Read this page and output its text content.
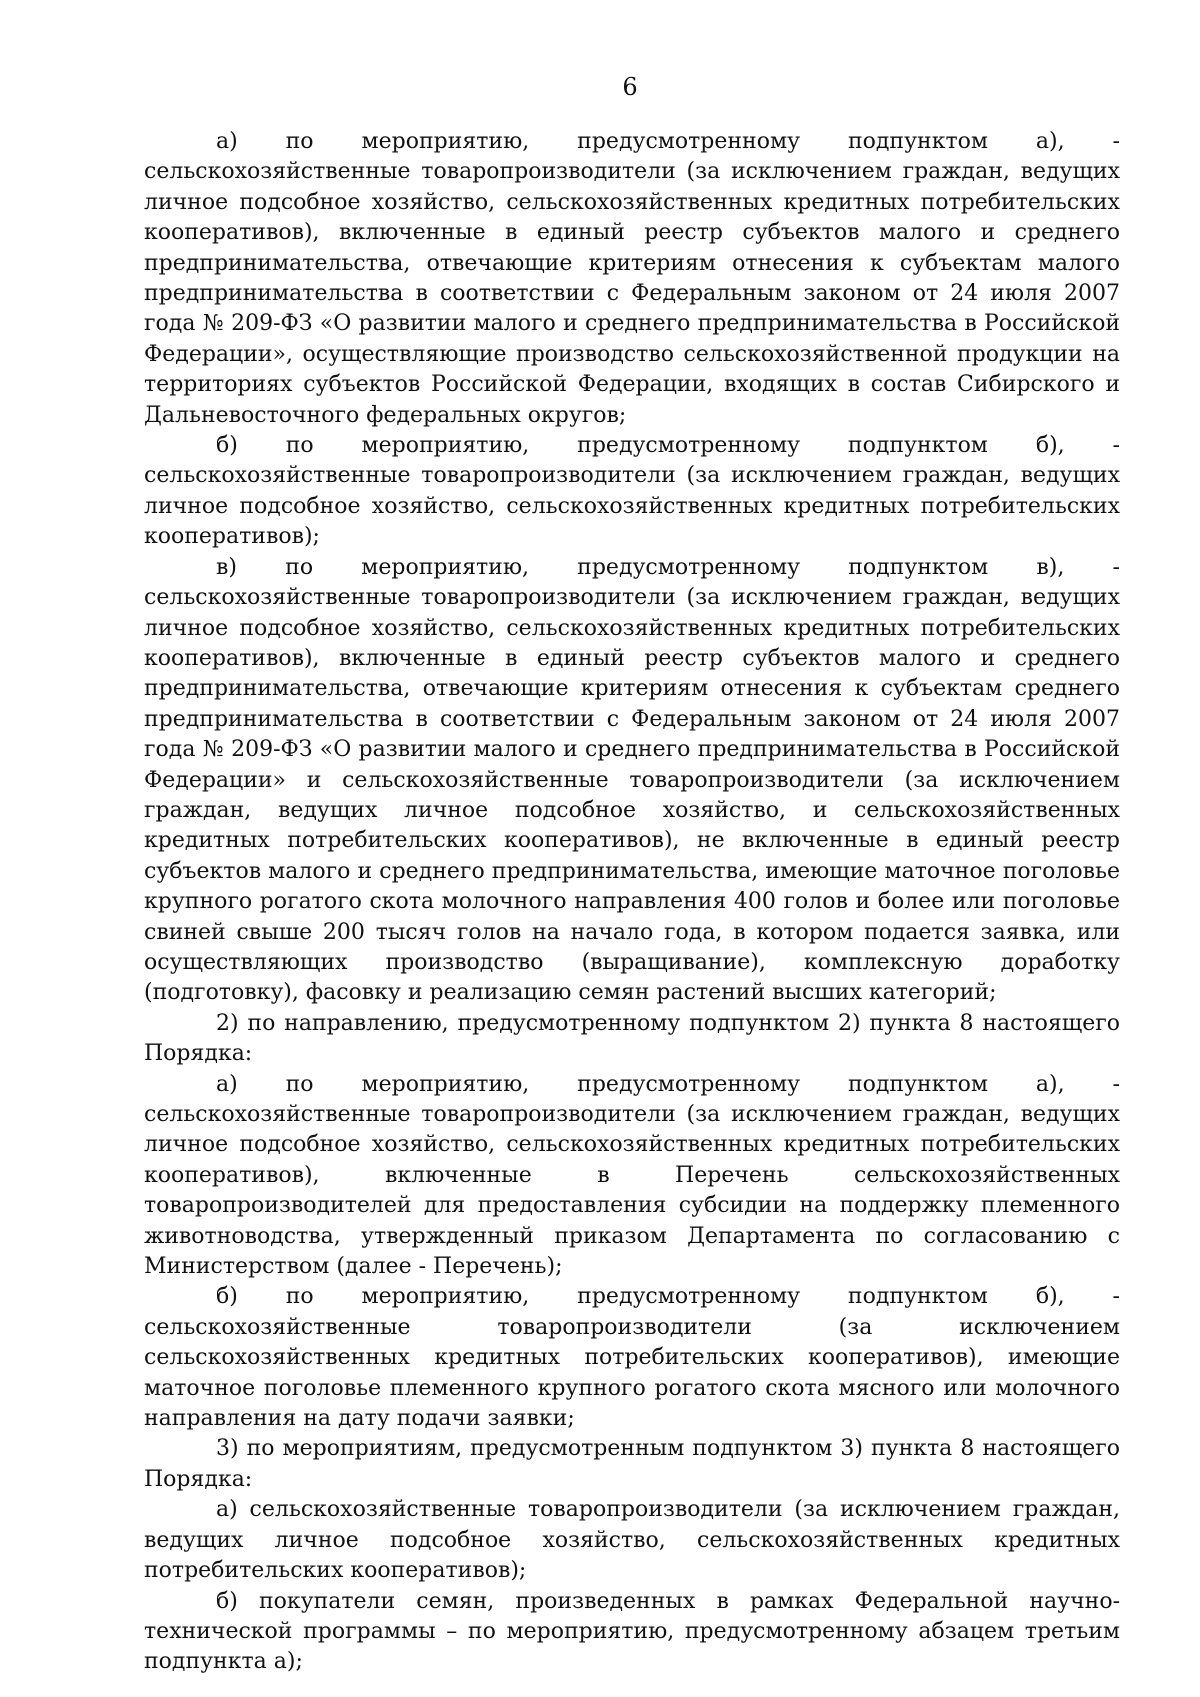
6

а) по мероприятию, предусмотренному подпунктом а), - сельскохозяйственные товаропроизводители (за исключением граждан, ведущих личное подсобное хозяйство, сельскохозяйственных кредитных потребительских кооперативов), включенные в единый реестр субъектов малого и среднего предпринимательства, отвечающие критериям отнесения к субъектам малого предпринимательства в соответствии с Федеральным законом от 24 июля 2007 года № 209-ФЗ «О развитии малого и среднего предпринимательства в Российской Федерации», осуществляющие производство сельскохозяйственной продукции на территориях субъектов Российской Федерации, входящих в состав Сибирского и Дальневосточного федеральных округов;

б) по мероприятию, предусмотренному подпунктом б), - сельскохозяйственные товаропроизводители (за исключением граждан, ведущих личное подсобное хозяйство, сельскохозяйственных кредитных потребительских кооперативов);

в) по мероприятию, предусмотренному подпунктом в), - сельскохозяйственные товаропроизводители (за исключением граждан, ведущих личное подсобное хозяйство, сельскохозяйственных кредитных потребительских кооперативов), включенные в единый реестр субъектов малого и среднего предпринимательства, отвечающие критериям отнесения к субъектам среднего предпринимательства в соответствии с Федеральным законом от 24 июля 2007 года № 209-ФЗ «О развитии малого и среднего предпринимательства в Российской Федерации» и сельскохозяйственные товаропроизводители (за исключением граждан, ведущих личное подсобное хозяйство, и сельскохозяйственных кредитных потребительских кооперативов), не включенные в единый реестр субъектов малого и среднего предпринимательства, имеющие маточное поголовье крупного рогатого скота молочного направления 400 голов и более или поголовье свиней свыше 200 тысяч голов на начало года, в котором подается заявка, или осуществляющих производство (выращивание), комплексную доработку (подготовку), фасовку и реализацию семян растений высших категорий;

2) по направлению, предусмотренному подпунктом 2) пункта 8 настоящего Порядка:

а) по мероприятию, предусмотренному подпунктом а), - сельскохозяйственные товаропроизводители (за исключением граждан, ведущих личное подсобное хозяйство, сельскохозяйственных кредитных потребительских кооперативов), включенные в Перечень сельскохозяйственных товаропроизводителей для предоставления субсидии на поддержку племенного животноводства, утвержденный приказом Департамента по согласованию с Министерством (далее - Перечень);

б) по мероприятию, предусмотренному подпунктом б), - сельскохозяйственные товаропроизводители (за исключением сельскохозяйственных кредитных потребительских кооперативов), имеющие маточное поголовье племенного крупного рогатого скота мясного или молочного направления на дату подачи заявки;

3) по мероприятиям, предусмотренным подпунктом 3) пункта 8 настоящего Порядка:

а) сельскохозяйственные товаропроизводители (за исключением граждан, ведущих личное подсобное хозяйство, сельскохозяйственных кредитных потребительских кооперативов);

б) покупатели семян, произведенных в рамках Федеральной научно-технической программы – по мероприятию, предусмотренному абзацем третьим подпункта а);
